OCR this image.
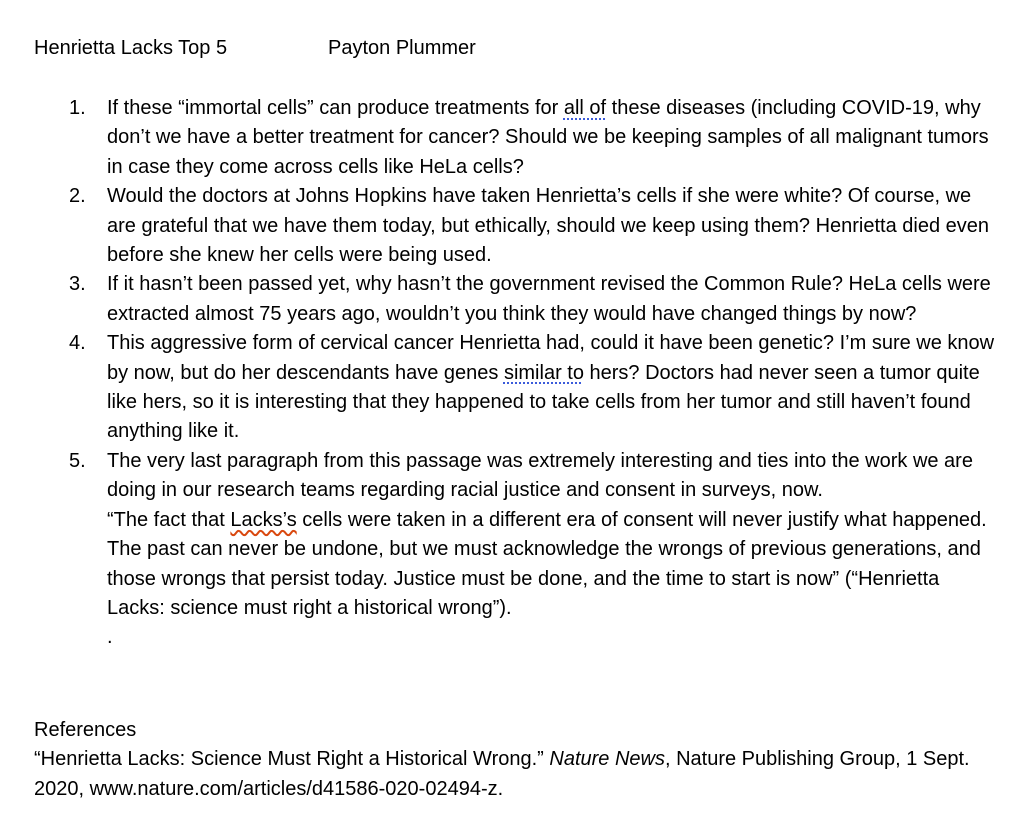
Henrietta Lacks Top 5	Payton Plummer
1. If these “immortal cells” can produce treatments for all of these diseases (including COVID-19, why don’t we have a better treatment for cancer? Should we be keeping samples of all malignant tumors in case they come across cells like HeLa cells?

2. Would the doctors at Johns Hopkins have taken Henrietta’s cells if she were white? Of course, we are grateful that we have them today, but ethically, should we keep using them? Henrietta died even before she knew her cells were being used.

3. If it hasn’t been passed yet, why hasn’t the government revised the Common Rule? HeLa cells were extracted almost 75 years ago, wouldn’t you think they would have changed things by now?

4. This aggressive form of cervical cancer Henrietta had, could it have been genetic? I’m sure we know by now, but do her descendants have genes similar to hers? Doctors had never seen a tumor quite like hers, so it is interesting that they happened to take cells from her tumor and still haven’t found anything like it.

5. The very last paragraph from this passage was extremely interesting and ties into the work we are doing in our research teams regarding racial justice and consent in surveys, now.

“The fact that Lacks’s cells were taken in a different era of consent will never justify what happened. The past can never be undone, but we must acknowledge the wrongs of previous generations, and those wrongs that persist today. Justice must be done, and the time to start is now” (“Henrietta Lacks: science must right a historical wrong”).

.

References

“Henrietta Lacks: Science Must Right a Historical Wrong.” Nature News, Nature Publishing Group, 1 Sept. 2020, www.nature.com/articles/d41586-020-02494-z.
